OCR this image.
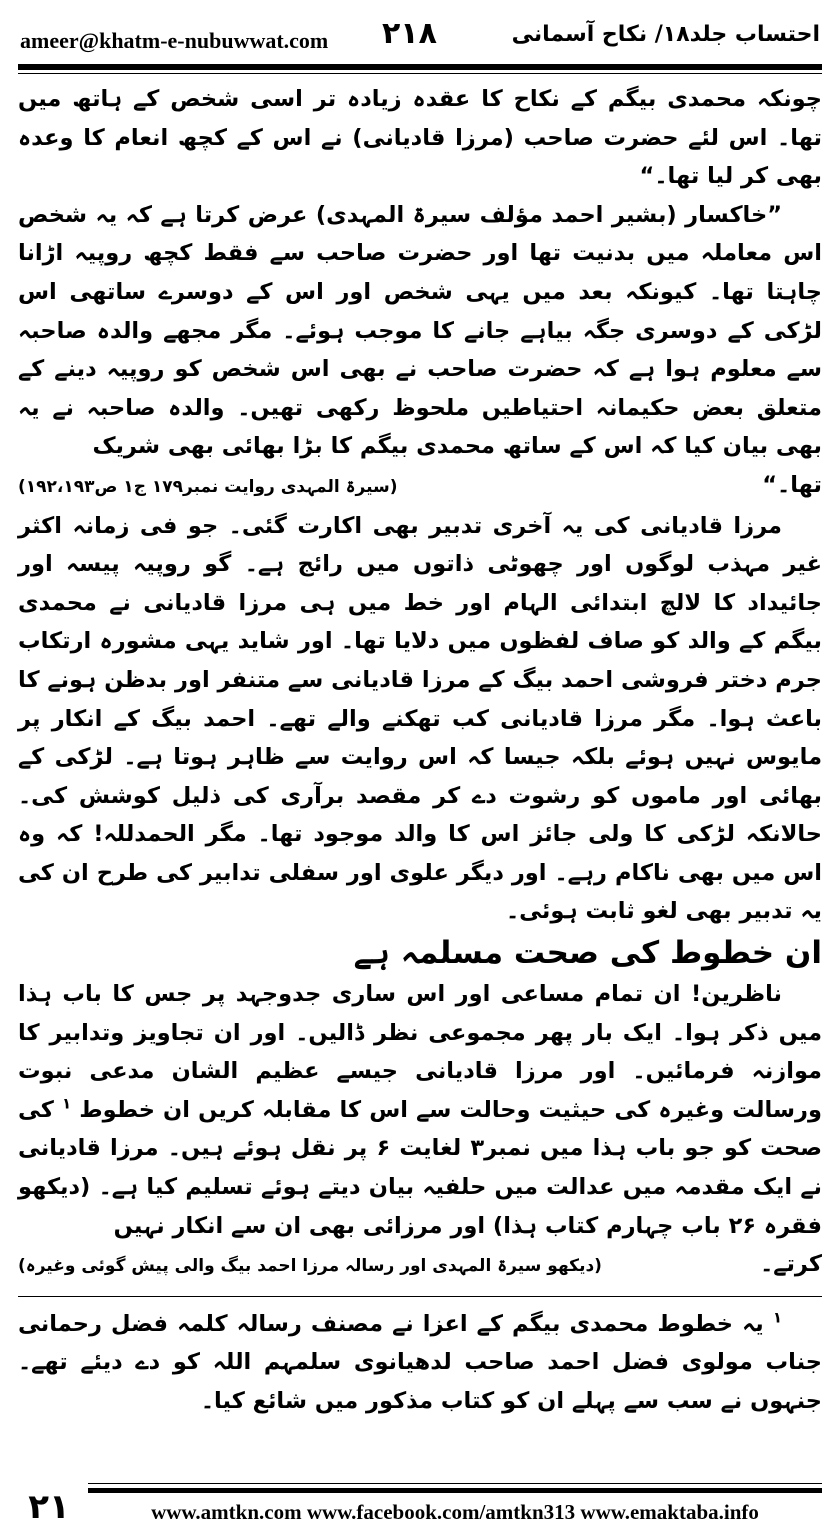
ameer@khatm-e-nubuwwat.com ۲۱۸	احتساب جلد۱۸/ نکاح آسمانی

چونکہ محمدی بیگم کے نکاح کا عقدہ زیادہ تر اسی شخص کے ہاتھ میں تھا۔ اس لئے حضرت صاحب (مرزا قادیانی) نے اس کے کچھ انعام کا وعدہ بھی کر لیا تھا۔“

”خاکسار (بشیر احمد مؤلف سیرۃ المہدی) عرض کرتا ہے کہ یہ شخص اس معاملہ میں بدنیت تھا اور حضرت صاحب سے فقط کچھ روپیہ اڑانا چاہتا تھا۔ کیونکہ بعد میں یہی شخص اور اس کے دوسرے ساتھی اس لڑکی کے دوسری جگہ بیاہے جانے کا موجب ہوئے۔ مگر مجھے والدہ صاحبہ سے معلوم ہوا ہے کہ حضرت صاحب نے بھی اس شخص کو روپیہ دینے کے متعلق بعض حکیمانہ احتیاطیں ملحوظ رکھی تھیں۔ والدہ صاحبہ نے یہ بھی بیان کیا کہ اس کے ساتھ محمدی بیگم کا بڑا بھائی بھی شریک

تھا۔“
(سیرۃ المہدی روایت نمبر۱۷۹ ج۱ ص۱۹۲،۱۹۳)

مرزا قادیانی کی یہ آخری تدبیر بھی اکارت گئی۔ جو فی زمانہ اکثر غیر مہذب لوگوں اور چھوٹی ذاتوں میں رائج ہے۔ گو روپیہ پیسہ اور جائیداد کا لالچ ابتدائی الہام اور خط میں ہی مرزا قادیانی نے محمدی بیگم کے والد کو صاف لفظوں میں دلایا تھا۔ اور شاید یہی مشورہ ارتکاب جرم دختر فروشی احمد بیگ کے مرزا قادیانی سے متنفر اور بدظن ہونے کا باعث ہوا۔ مگر مرزا قادیانی کب تھکنے والے تھے۔ احمد بیگ کے انکار پر مایوس نہیں ہوئے بلکہ جیسا کہ اس روایت سے ظاہر ہوتا ہے۔ لڑکی کے بھائی اور ماموں کو رشوت دے کر مقصد برآری کی ذلیل کوشش کی۔ حالانکہ لڑکی کا ولی جائز اس کا والد موجود تھا۔ مگر الحمدللہ! کہ وہ اس میں بھی ناکام رہے۔ اور دیگر علوی اور سفلی تدابیر کی طرح ان کی یہ تدبیر بھی لغو ثابت ہوئی۔

ان خطوط کی صحت مسلمہ ہے

ناظرین! ان تمام مساعی اور اس ساری جدوجہد پر جس کا باب ہذا میں ذکر ہوا۔ ایک بار پھر مجموعی نظر ڈالیں۔ اور ان تجاویز وتدابیر کا موازنہ فرمائیں۔ اور مرزا قادیانی جیسے عظیم الشان مدعی نبوت ورسالت وغیرہ کی حیثیت وحالت سے اس کا مقابلہ کریں ان خطوط $^۱$ کی صحت کو جو باب ہذا میں نمبر۳ لغایت ۶ پر نقل ہوئے ہیں۔ مرزا قادیانی نے ایک مقدمہ میں عدالت میں حلفیہ بیان دیتے ہوئے تسلیم کیا ہے۔ (دیکھو فقرہ ۲۶ باب چہارم کتاب ہذا) اور مرزائی بھی ان سے انکار نہیں

کرتے۔
(دیکھو سیرۃ المہدی اور رسالہ مرزا احمد بیگ والی پیش گوئی وغیرہ)

$^۱$ یہ خطوط محمدی بیگم کے اعزا نے مصنف رسالہ کلمہ فضل رحمانی جناب مولوی فضل احمد صاحب لدھیانوی سلمہم اللہ کو دے دیئے تھے۔ جنہوں نے سب سے پہلے ان کو کتاب مذکور میں شائع کیا۔

۲۱	www.amtkn.com www.facebook.com/amtkn313 www.emaktaba.info
